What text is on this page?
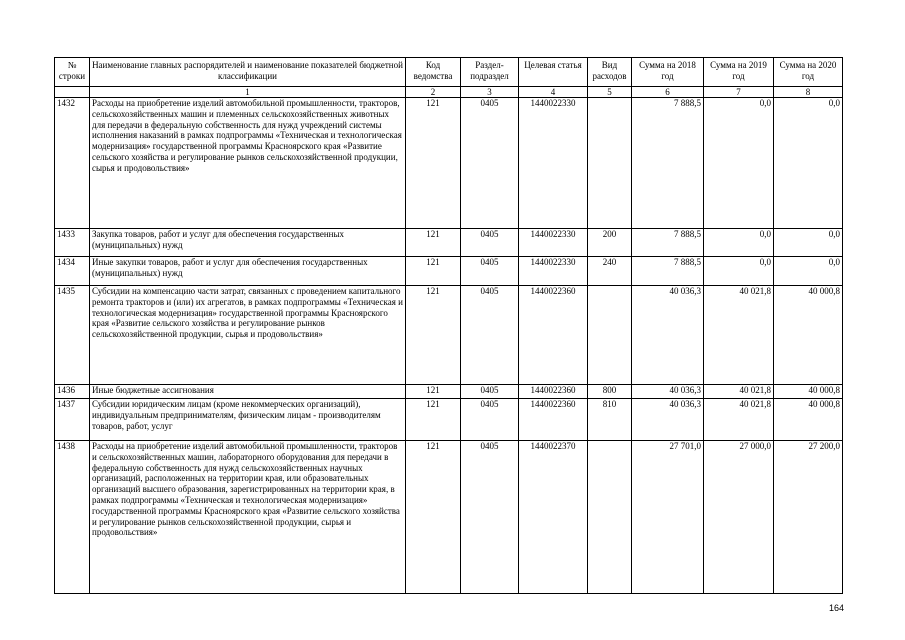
№ строки	Наименование главных распорядителей и наименование показателей бюджетной классификации	Код ведомства	Раздел-подраздел	Целевая статья	Вид расходов	Сумма на 2018 год	Сумма на 2019 год	Сумма на 2020 год
	1	2	3	4	5	6	7	8
1432	Расходы на приобретение изделий автомобильной промышленности, тракторов, сельскохозяйственных машин и племенных сельскохозяйственных животных для передачи в федеральную собственность для нужд учреждений системы исполнения наказаний в рамках подпрограммы «Техническая и технологическая модернизация» государственной программы Красноярского края «Развитие сельского хозяйства и регулирование рынков сельскохозяйственной продукции, сырья и продовольствия»	121	0405	1440022330		7 888,5	0,0	0,0
1433	Закупка товаров, работ и услуг для обеспечения государственных (муниципальных) нужд	121	0405	1440022330	200	7 888,5	0,0	0,0
1434	Иные закупки товаров, работ и услуг для обеспечения государственных (муниципальных) нужд	121	0405	1440022330	240	7 888,5	0,0	0,0
1435	Субсидии на компенсацию части затрат, связанных с проведением капитального ремонта тракторов и (или) их агрегатов, в рамках подпрограммы «Техническая и технологическая модернизация» государственной программы Красноярского края «Развитие сельского хозяйства и регулирование рынков сельскохозяйственной продукции, сырья и продовольствия»	121	0405	1440022360		40 036,3	40 021,8	40 000,8
1436	Иные бюджетные ассигнования	121	0405	1440022360	800	40 036,3	40 021,8	40 000,8
1437	Субсидии юридическим лицам (кроме некоммерческих организаций), индивидуальным предпринимателям, физическим лицам - производителям товаров, работ, услуг	121	0405	1440022360	810	40 036,3	40 021,8	40 000,8
1438	Расходы на приобретение изделий автомобильной промышленности, тракторов и сельскохозяйственных машин, лабораторного оборудования для передачи в федеральную собственность для нужд сельскохозяйственных научных организаций, расположенных на территории края, или образовательных организаций высшего образования, зарегистрированных на территории края, в рамках подпрограммы «Техническая и технологическая модернизация» государственной программы Красноярского края «Развитие сельского хозяйства и регулирование рынков сельскохозяйственной продукции, сырья и продовольствия»	121	0405	1440022370		27 701,0	27 000,0	27 200,0
164
